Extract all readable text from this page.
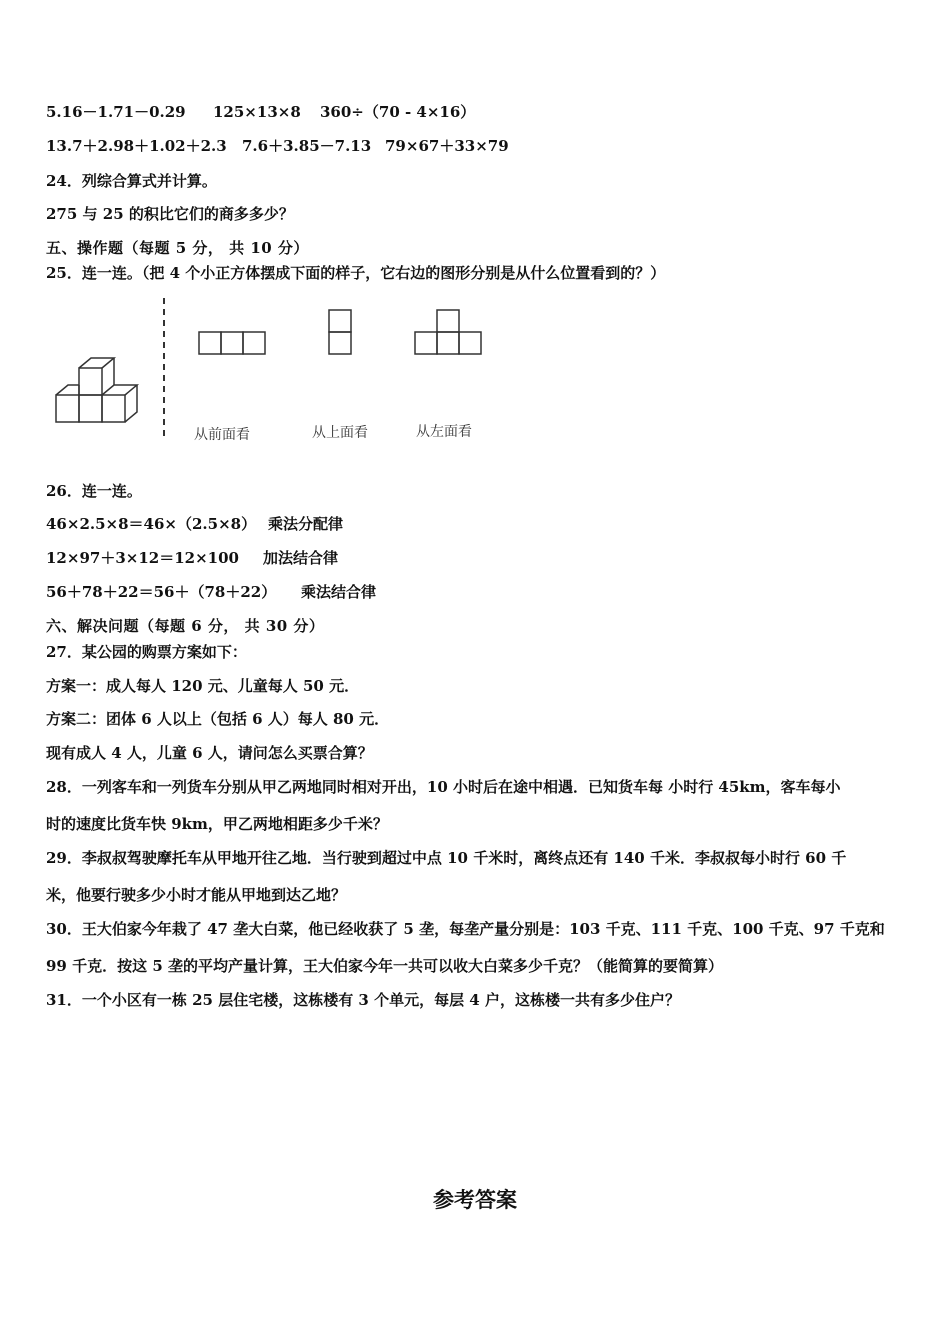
5.16－1.71－0.29 125×13×8 360÷（70 ‑ 4×16）
13.7＋2.98＋1.02＋2.3 7.6＋3.85－7.13 79×67＋33×79
24．列综合算式并计算。
275 与 25 的积比它们的商多多少？
五、操作题（每题 5 分， 共 10 分）
25．连一连。（把 4 个小正方体摆成下面的样子，它右边的图形分别是从什么位置看到的？）
从前面看	从上面看	从左面看
26．连一连。
46×2.5×8＝46×（2.5×8） 乘法分配律
12×97＋3×12＝12×100 加法结合律
56＋78＋22＝56＋（78＋22） 乘法结合律
六、解决问题（每题 6 分， 共 30 分）
27．某公园的购票方案如下：
方案一：成人每人 120 元、儿童每人 50 元．
方案二：团体 6 人以上（包括 6 人）每人 80 元．
现有成人 4 人，儿童 6 人，请问怎么买票合算？
28．一列客车和一列货车分别从甲乙两地同时相对开出，10 小时后在途中相遇．已知货车每 小时行 45km，客车每小
时的速度比货车快 9km，甲乙两地相距多少千米？
29．李叔叔驾驶摩托车从甲地开往乙地．当行驶到超过中点 10 千米时，离终点还有 140 千米．李叔叔每小时行 60 千
米，他要行驶多少小时才能从甲地到达乙地？
30．王大伯家今年栽了 47 垄大白菜，他已经收获了 5 垄，每垄产量分别是：103 千克、111 千克、100 千克、97 千克和
99 千克．按这 5 垄的平均产量计算，王大伯家今年一共可以收大白菜多少千克？（能简算的要简算）
31．一个小区有一栋 25 层住宅楼，这栋楼有 3 个单元，每层 4 户，这栋楼一共有多少住户？
参考答案
